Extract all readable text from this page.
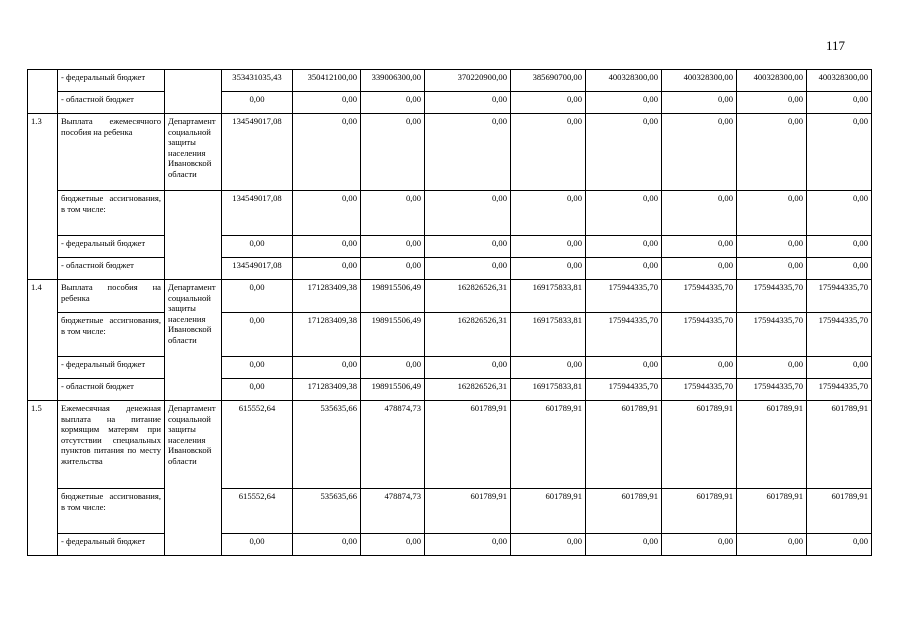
117
	- федеральный бюджет		353431035,43	350412100,00	339006300,00	370220900,00	385690700,00	400328300,00	400328300,00	400328300,00	400328300,00
	- областной бюджет		0,00	0,00	0,00	0,00	0,00	0,00	0,00	0,00	0,00
1.3	Выплата ежемесячного пособия на ребенка	Департамент социальной защиты населения Ивановской области	134549017,08	0,00	0,00	0,00	0,00	0,00	0,00	0,00	0,00
	бюджетные ассигнования, в том числе:		134549017,08	0,00	0,00	0,00	0,00	0,00	0,00	0,00	0,00
	- федеральный бюджет		0,00	0,00	0,00	0,00	0,00	0,00	0,00	0,00	0,00
	- областной бюджет		134549017,08	0,00	0,00	0,00	0,00	0,00	0,00	0,00	0,00
1.4	Выплата пособия на ребенка	Департамент социальной защиты населения Ивановской области	0,00	171283409,38	198915506,49	162826526,31	169175833,81	175944335,70	175944335,70	175944335,70	175944335,70
	бюджетные ассигнования, в том числе:		0,00	171283409,38	198915506,49	162826526,31	169175833,81	175944335,70	175944335,70	175944335,70	175944335,70
	- федеральный бюджет		0,00	0,00	0,00	0,00	0,00	0,00	0,00	0,00	0,00
	- областной бюджет		0,00	171283409,38	198915506,49	162826526,31	169175833,81	175944335,70	175944335,70	175944335,70	175944335,70
1.5	Ежемесячная денежная выплата на питание кормящим матерям при отсутствии специальных пунктов питания по месту жительства	Департамент социальной защиты населения Ивановской области	615552,64	535635,66	478874,73	601789,91	601789,91	601789,91	601789,91	601789,91	601789,91
	бюджетные ассигнования, в том числе:		615552,64	535635,66	478874,73	601789,91	601789,91	601789,91	601789,91	601789,91	601789,91
	- федеральный бюджет		0,00	0,00	0,00	0,00	0,00	0,00	0,00	0,00	0,00
